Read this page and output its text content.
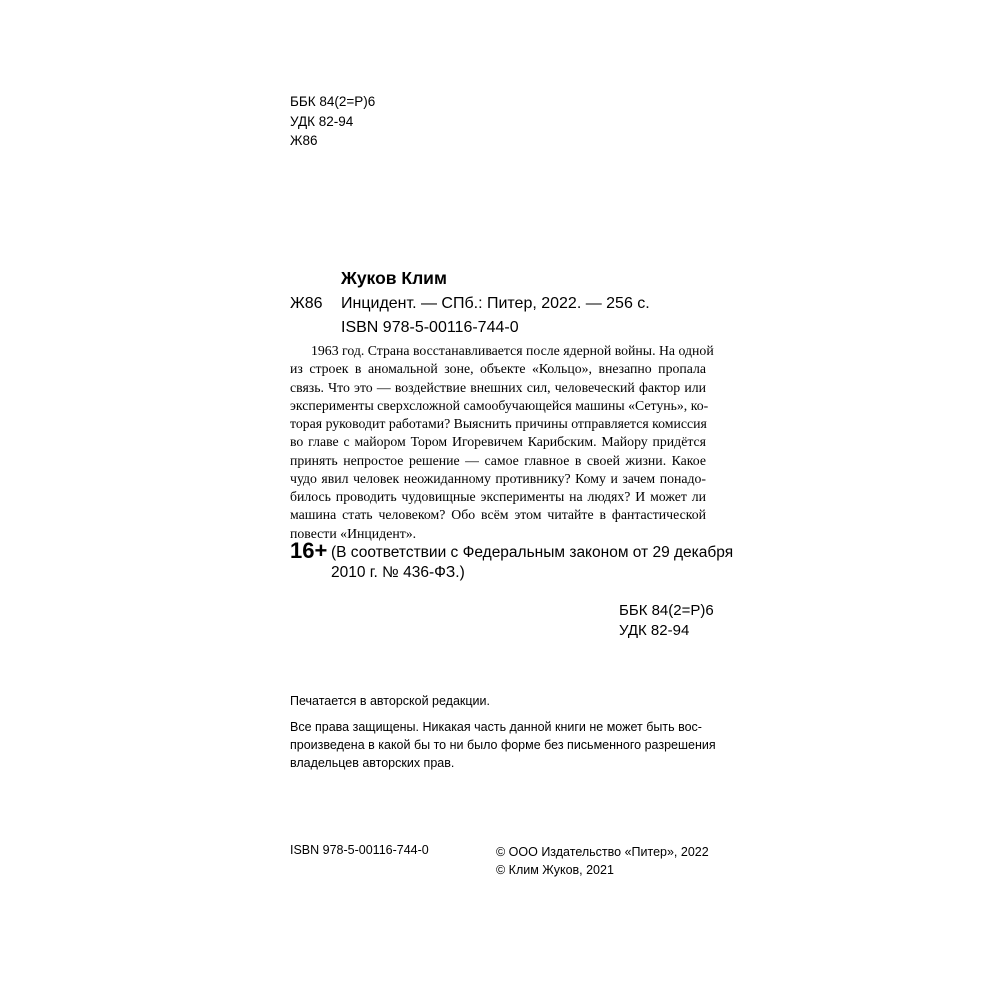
ББК 84(2=Р)6
УДК 82-94
Ж86
Жуков Клим
Ж86 Инцидент. — СПб.: Питер, 2022. — 256 с.
ISBN 978-5-00116-744-0
1963 год. Страна восстанавливается после ядерной войны. На одной
из строек в аномальной зоне, объекте «Кольцо», внезапно пропала
связь. Что это — воздействие внешних сил, человеческий фактор или
эксперименты сверхсложной самообучающейся машины «Сетунь», ко-
торая руководит работами? Выяснить причины отправляется комиссия
во главе с майором Тором Игоревичем Карибским. Майору придётся
принять непростое решение — самое главное в своей жизни. Какое
чудо явил человек неожиданному противнику? Кому и зачем понадо-
билось проводить чудовищные эксперименты на людях? И может ли
машина стать человеком? Обо всём этом читайте в фантастической
повести «Инцидент».
16+ (В соответствии с Федеральным законом от 29 декабря
2010 г. № 436-ФЗ.)
ББК 84(2=Р)6
УДК 82-94
Печатается в авторской редакции.
Все права защищены. Никакая часть данной книги не может быть вос-
произведена в какой бы то ни было форме без письменного разрешения
владельцев авторских прав.
ISBN 978-5-00116-744-0	© ООО Издательство «Питер», 2022
© Клим Жуков, 2021
